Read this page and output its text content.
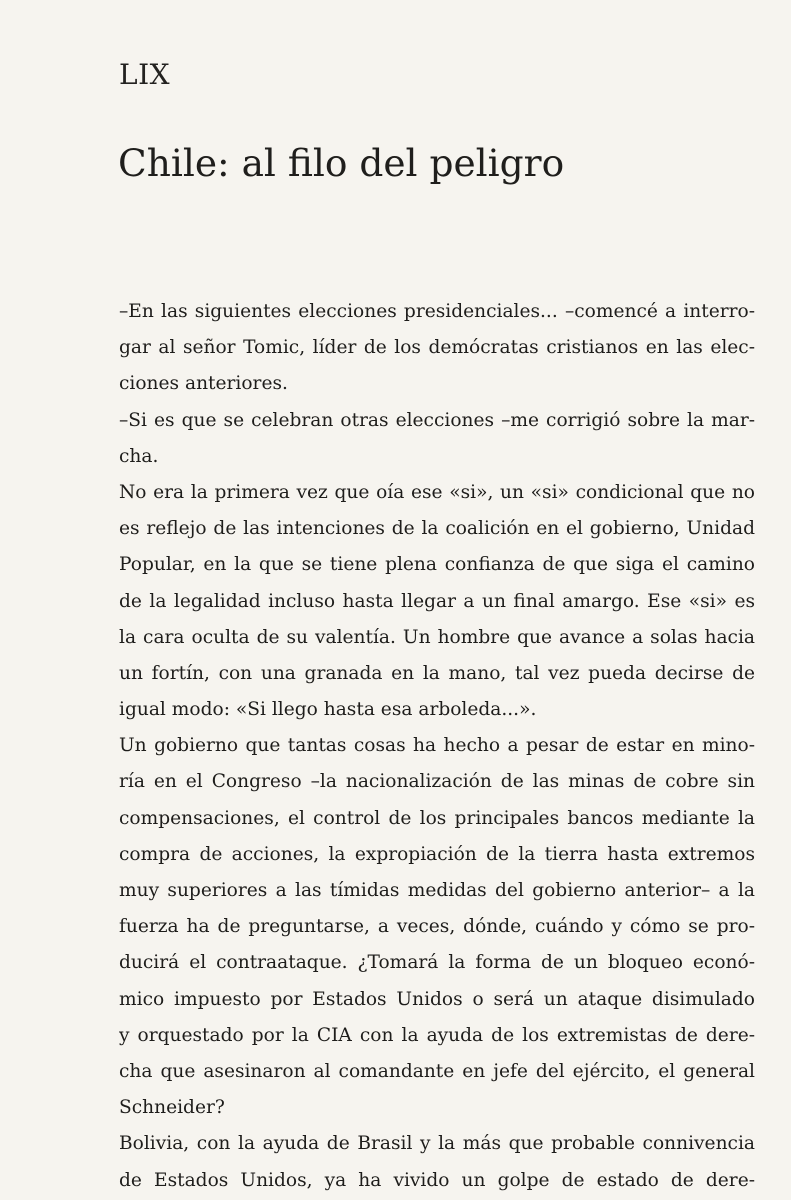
LIX
Chile: al filo del peligro
–En las siguientes elecciones presidenciales... –comencé a interro-
gar al señor Tomic, líder de los demócratas cristianos en las elec-
ciones anteriores.
–Si es que se celebran otras elecciones –me corrigió sobre la mar-
cha.
No era la primera vez que oía ese «si», un «si» condicional que no
es reflejo de las intenciones de la coalición en el gobierno, Unidad
Popular, en la que se tiene plena confianza de que siga el camino
de la legalidad incluso hasta llegar a un final amargo. Ese «si» es
la cara oculta de su valentía. Un hombre que avance a solas hacia
un fortín, con una granada en la mano, tal vez pueda decirse de
igual modo: «Si llego hasta esa arboleda...».
Un gobierno que tantas cosas ha hecho a pesar de estar en mino-
ría en el Congreso –la nacionalización de las minas de cobre sin
compensaciones, el control de los principales bancos mediante la
compra de acciones, la expropiación de la tierra hasta extremos
muy superiores a las tímidas medidas del gobierno anterior– a la
fuerza ha de preguntarse, a veces, dónde, cuándo y cómo se pro-
ducirá el contraataque. ¿Tomará la forma de un bloqueo econó-
mico impuesto por Estados Unidos o será un ataque disimulado
y orquestado por la CIA con la ayuda de los extremistas de dere-
cha que asesinaron al comandante en jefe del ejército, el general
Schneider?
Bolivia, con la ayuda de Brasil y la más que probable connivencia
de Estados Unidos, ya ha vivido un golpe de estado de dere-
